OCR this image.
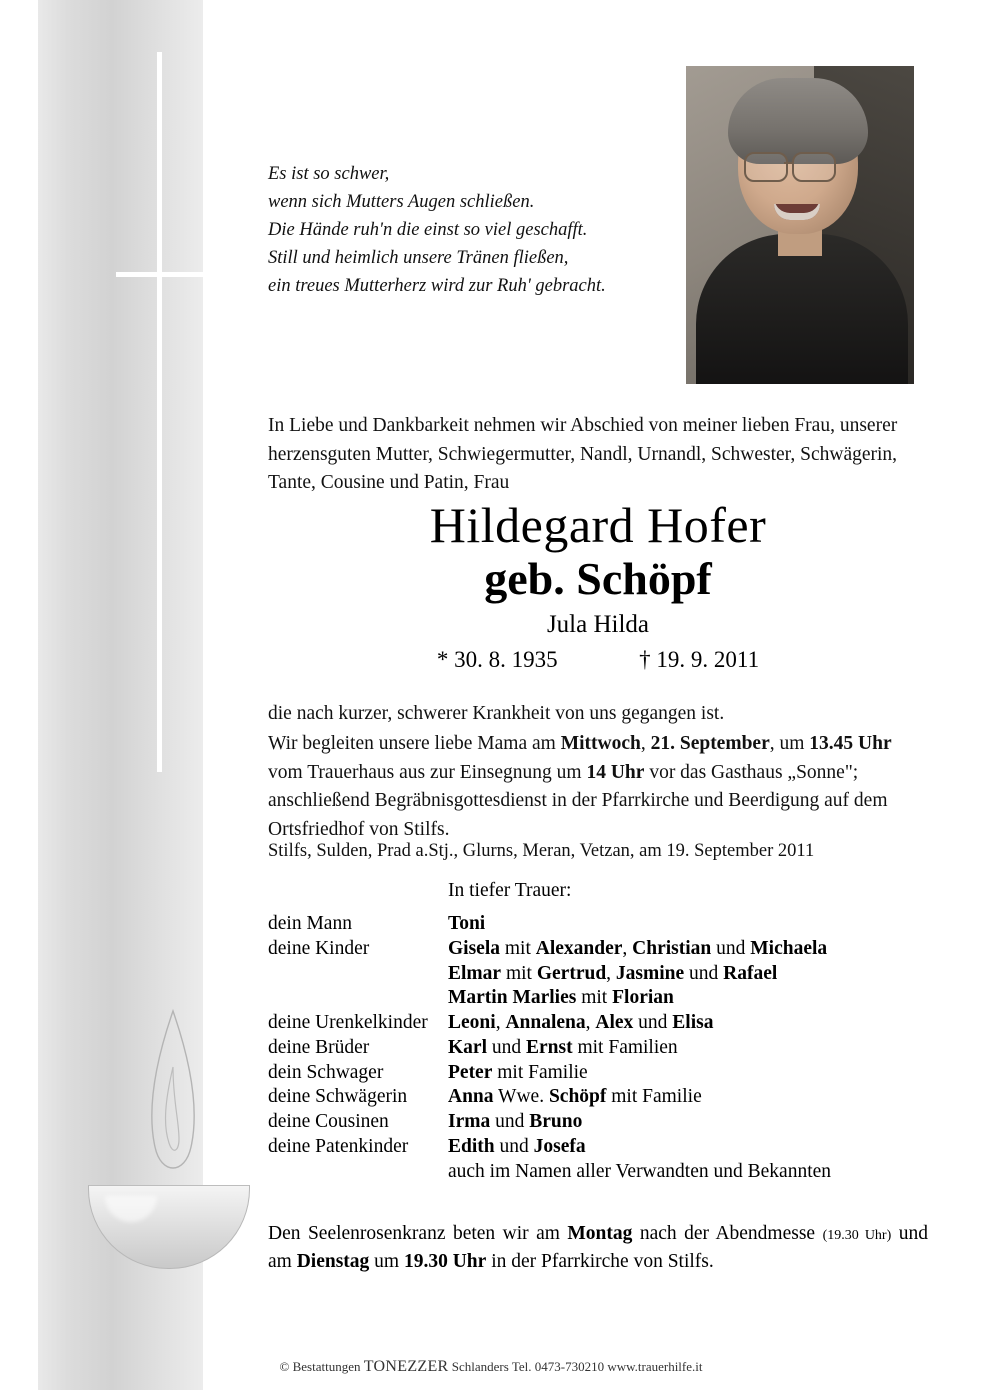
Es ist so schwer,
wenn sich Mutters Augen schließen.
Die Hände ruh'n die einst so viel geschafft.
Still und heimlich unsere Tränen fließen,
ein treues Mutterherz wird zur Ruh' gebracht.
In Liebe und Dankbarkeit nehmen wir Abschied von meiner lieben Frau, unserer herzensguten Mutter, Schwiegermutter, Nandl, Urnandl, Schwester, Schwägerin, Tante, Cousine und Patin, Frau
Hildegard Hofer
geb. Schöpf
Jula Hilda
* 30. 8. 1935	† 19. 9. 2011
die nach kurzer, schwerer Krankheit von uns gegangen ist.
Wir begleiten unsere liebe Mama am Mittwoch, 21. September, um 13.45 Uhr vom Trauerhaus aus zur Einsegnung um 14 Uhr vor das Gasthaus „Sonne"; anschließend Begräbnisgottesdienst in der Pfarrkirche und Beerdigung auf dem Ortsfriedhof von Stilfs.
Stilfs, Sulden, Prad a.Stj., Glurns, Meran, Vetzan, am 19. September 2011
In tiefer Trauer:
dein Mann	Toni
deine Kinder	Gisela mit Alexander, Christian und Michaela
Elmar mit Gertrud, Jasmine und Rafael
Martin Marlies mit Florian
deine Urenkelkinder	Leoni, Annalena, Alex und Elisa
deine Brüder	Karl und Ernst mit Familien
dein Schwager	Peter mit Familie
deine Schwägerin	Anna Wwe. Schöpf mit Familie
deine Cousinen	Irma und Bruno
deine Patenkinder	Edith und Josefa
auch im Namen aller Verwandten und Bekannten
Den Seelenrosenkranz beten wir am Montag nach der Abendmesse (19.30 Uhr) und am Dienstag um 19.30 Uhr in der Pfarrkirche von Stilfs.
© Bestattungen TONEZZER Schlanders Tel. 0473-730210 www.trauerhilfe.it
